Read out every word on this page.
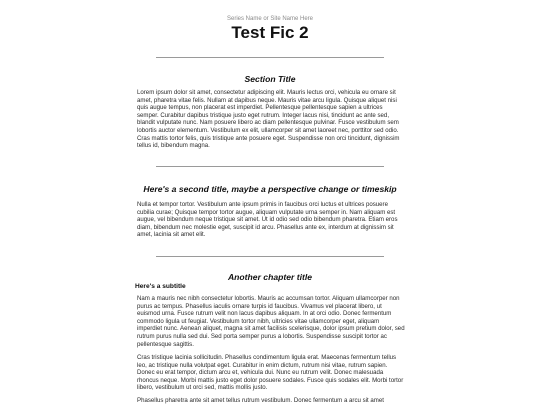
Series Name or Site Name Here
Test Fic 2
Section Title

Lorem ipsum dolor sit amet, consectetur adipiscing elit. Mauris lectus orci, vehicula eu ornare sit amet, pharetra vitae felis. Nullam at dapibus neque. Mauris vitae arcu ligula. Quisque aliquet nisi quis augue tempus, non placerat est imperdiet. Pellentesque pellentesque sapien a ultrices semper. Curabitur dapibus tristique justo eget rutrum. Integer lacus nisi, tincidunt ac ante sed, blandit vulputate nunc. Nam posuere libero ac diam pellentesque pulvinar. Fusce vestibulum sem lobortis auctor elementum. Vestibulum ex elit, ullamcorper sit amet laoreet nec, porttitor sed odio. Cras mattis tortor felis, quis tristique ante posuere eget. Suspendisse non orci tincidunt, dignissim tellus id, bibendum magna.

Here's a second title, maybe a perspective change or timeskip

Nulla et tempor tortor. Vestibulum ante ipsum primis in faucibus orci luctus et ultrices posuere cubilia curae; Quisque tempor tortor augue, aliquam vulputate urna semper in. Nam aliquam est augue, vel bibendum neque tristique sit amet. Ut id odio sed odio bibendum pharetra. Etiam eros diam, bibendum nec molestie eget, suscipit id arcu. Phasellus ante ex, interdum at dignissim sit amet, lacinia sit amet elit.

Another chapter title
Here's a subtitle

Nam a mauris nec nibh consectetur lobortis. Mauris ac accumsan tortor. Aliquam ullamcorper non purus ac tempus. Phasellus iaculis ornare turpis id faucibus. Vivamus vel placerat libero, ut euismod urna. Fusce rutrum velit non lacus dapibus aliquam. In at orci odio. Donec fermentum commodo ligula ut feugiat. Vestibulum tortor nibh, ultricies vitae ullamcorper eget, aliquam imperdiet nunc. Aenean aliquet, magna sit amet facilisis scelerisque, dolor ipsum pretium dolor, sed rutrum purus nulla sed dui. Sed porta semper purus a lobortis. Suspendisse suscipit tortor ac pellentesque sagittis.

Cras tristique lacinia sollicitudin. Phasellus condimentum ligula erat. Maecenas fermentum tellus leo, ac tristique nulla volutpat eget. Curabitur in enim dictum, rutrum nisi vitae, rutrum sapien. Donec eu erat tempor, dictum arcu et, vehicula dui. Nunc eu rutrum velit. Donec malesuada rhoncus neque. Morbi mattis justo eget dolor posuere sodales. Fusce quis sodales elit. Morbi tortor libero, vestibulum ut orci sed, mattis mollis justo.

Phasellus pharetra ante sit amet tellus rutrum vestibulum. Donec fermentum a arcu sit amet
